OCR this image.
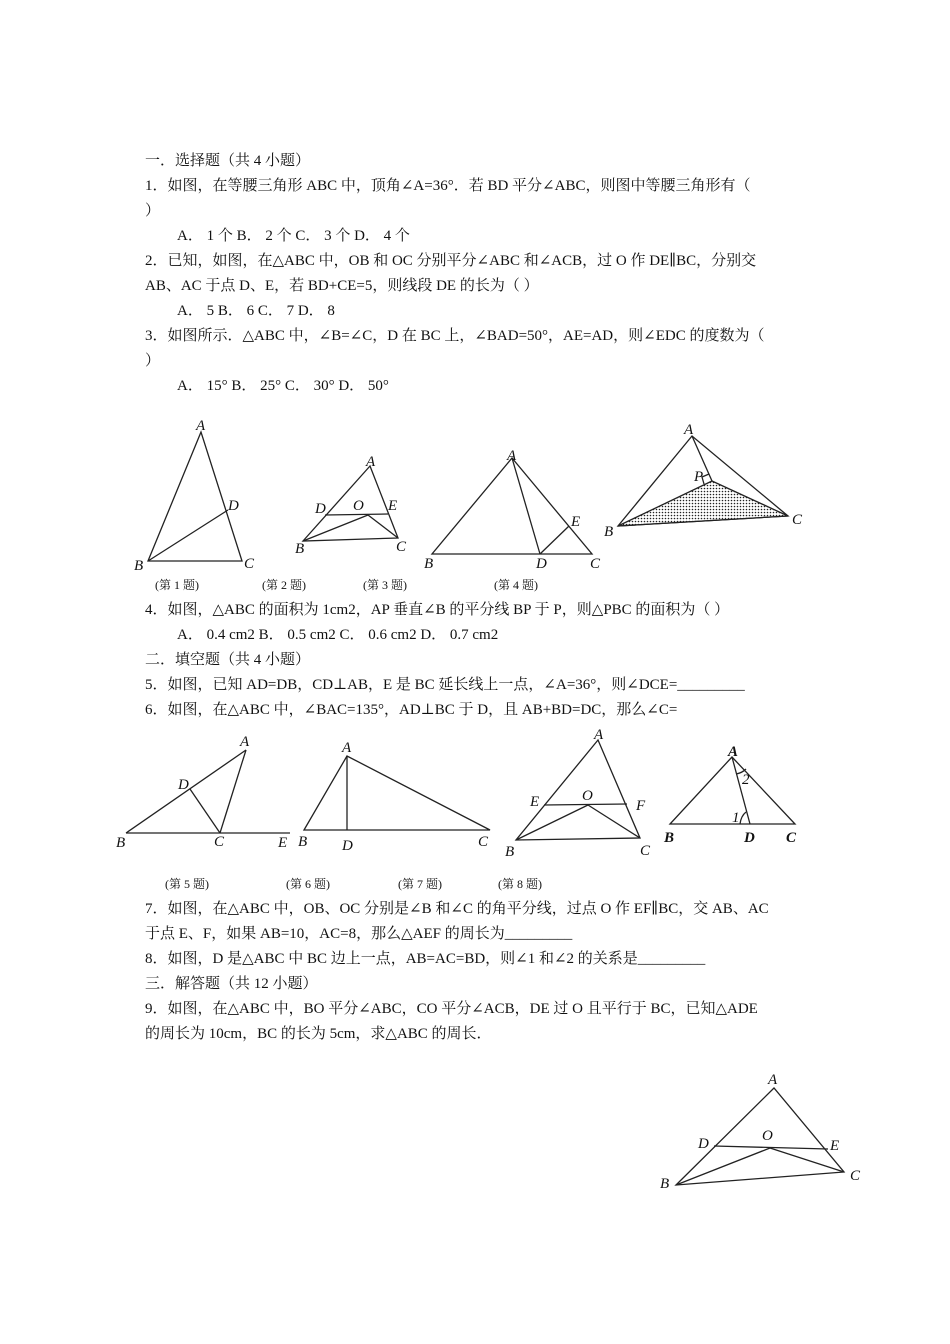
一．选择题（共 4 小题）
1．如图，在等腰三角形 ABC 中，顶角∠A=36°．若 BD 平分∠ABC，则图中等腰三角形有（
）
A． 1 个 B． 2 个 C． 3 个 D． 4 个
2．已知，如图，在△ABC 中，OB 和 OC 分别平分∠ABC 和∠ACB，过 O 作 DE∥BC，分别交
AB、AC 于点 D、E，若 BD+CE=5，则线段 DE 的长为（ ）
A． 5 B． 6 C． 7 D． 8
3．如图所示．△ABC 中，∠B=∠C，D 在 BC 上，∠BAD=50°，AE=AD，则∠EDC 的度数为（
）
A． 15° B． 25° C． 30° D． 50°
A
B	C
D
A
B	C
D	E
O
A
B	C
D
E
A
B
C
P
(第 1 题)	(第 2 题)	(第 3 题)	(第 4 题)
4．如图，△ABC 的面积为 1cm2，AP 垂直∠B 的平分线 BP 于 P，则△PBC 的面积为（ ）
A． 0.4 cm2 B． 0.5 cm2 C． 0.6 cm2 D． 0.7 cm2
二．填空题（共 4 小题）
5．如图，已知 AD=DB，CD⊥AB，E 是 BC 延长线上一点，∠A=36°，则∠DCE=_________
6．如图，在△ABC 中，∠BAC=135°，AD⊥BC 于 D，且 AB+BD=DC，那么∠C=
A
B	C
D
E
A
B	C
D
A
B	C
E	F
O
A
B	C
D
1
2
(第 5 题)	(第 6 题)	(第 7 题)	(第 8 题)
7．如图，在△ABC 中，OB、OC 分别是∠B 和∠C 的角平分线，过点 O 作 EF∥BC，交 AB、AC
于点 E、F，如果 AB=10，AC=8，那么△AEF 的周长为_________
8．如图，D 是△ABC 中 BC 边上一点，AB=AC=BD，则∠1 和∠2 的关系是_________
三．解答题（共 12 小题）
9．如图，在△ABC 中，BO 平分∠ABC，CO 平分∠ACB，DE 过 O 且平行于 BC，已知△ADE
的周长为 10cm，BC 的长为 5cm，求△ABC 的周长．
A
B	C
D	E
O
